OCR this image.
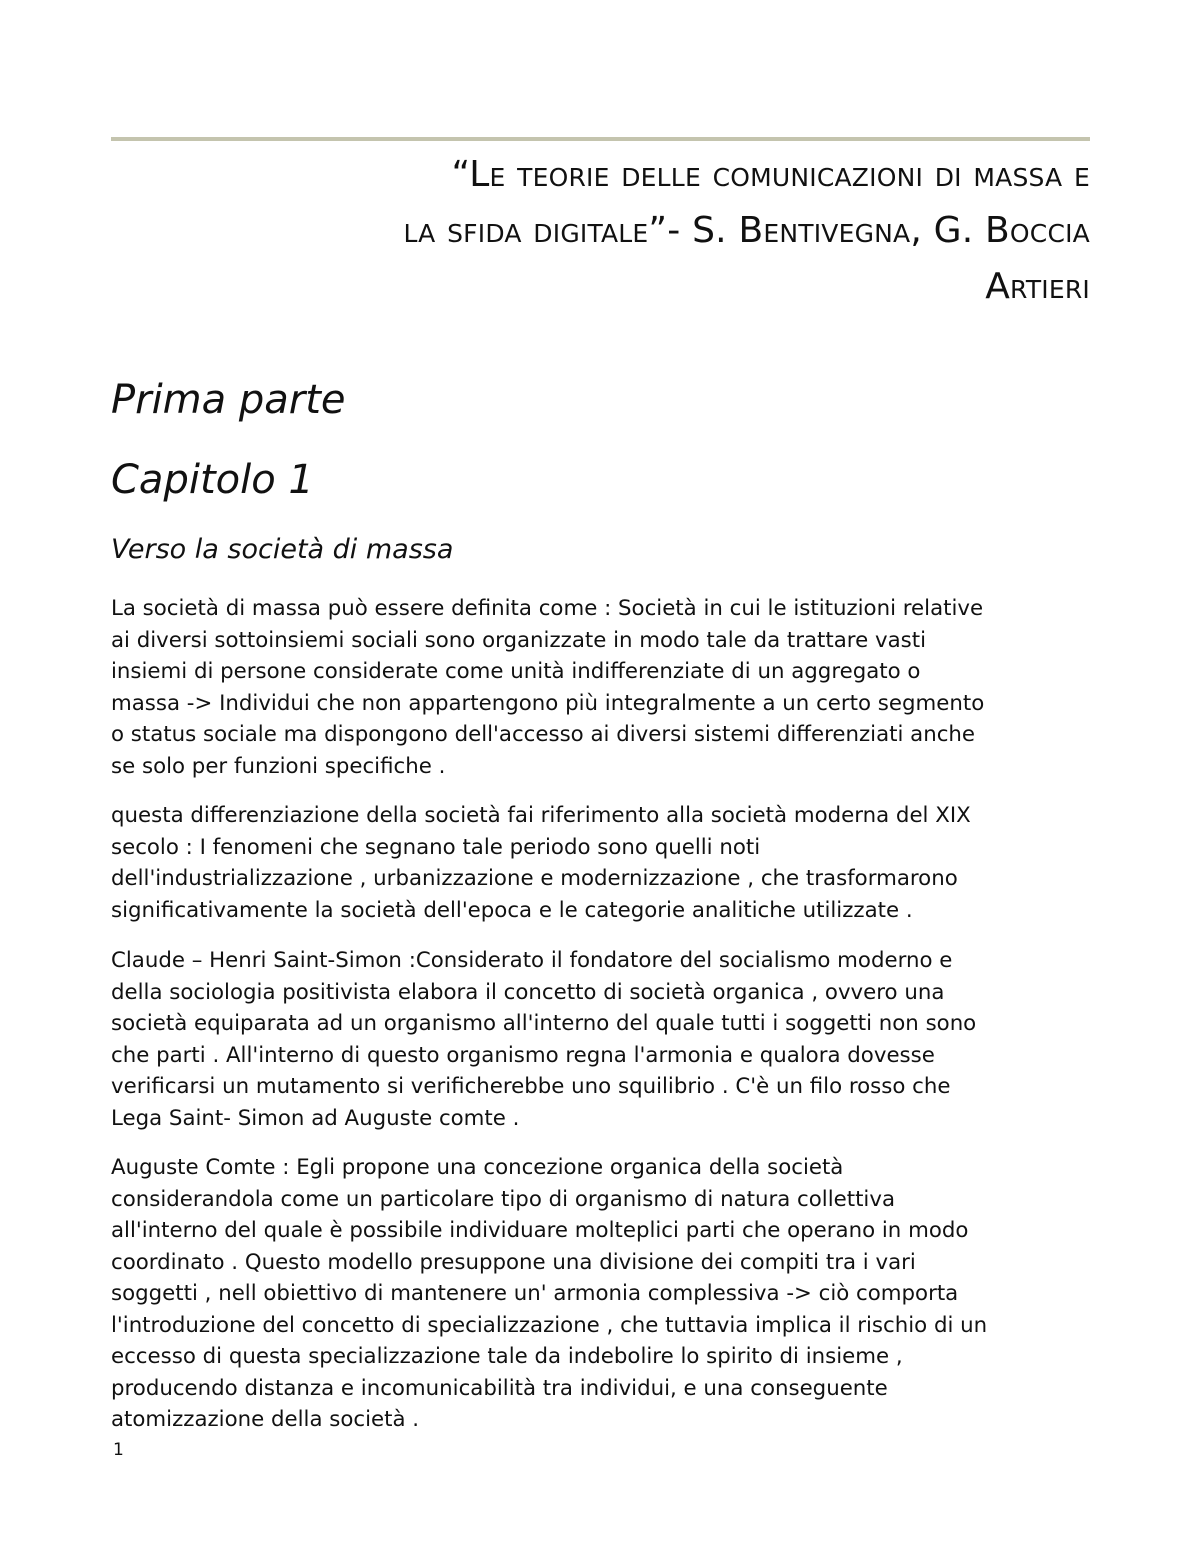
“Le teorie delle comunicazioni di massa e
la sfida digitale”- S. Bentivegna, G. Boccia
Artieri
Prima parte
Capitolo 1
Verso la società di massa

La società di massa può essere definita come : Società in cui le istituzioni relative
ai diversi sottoinsiemi sociali sono organizzate in modo tale da trattare vasti
insiemi di persone considerate come unità indifferenziate di un aggregato o
massa -> Individui che non appartengono più integralmente a un certo segmento
o status sociale ma dispongono dell'accesso ai diversi sistemi differenziati anche
se solo per funzioni specifiche .

questa differenziazione della società fai riferimento alla società moderna del XIX
secolo : I fenomeni che segnano tale periodo sono quelli noti
dell'industrializzazione , urbanizzazione e modernizzazione , che trasformarono
significativamente la società dell'epoca e le categorie analitiche utilizzate .

Claude – Henri Saint-Simon :Considerato il fondatore del socialismo moderno e
della sociologia positivista elabora il concetto di società organica , ovvero una
società equiparata ad un organismo all'interno del quale tutti i soggetti non sono
che parti . All'interno di questo organismo regna l'armonia e qualora dovesse
verificarsi un mutamento si verificherebbe uno squilibrio . C'è un filo rosso che
Lega Saint- Simon ad Auguste comte .

Auguste Comte : Egli propone una concezione organica della società
considerandola come un particolare tipo di organismo di natura collettiva
all'interno del quale è possibile individuare molteplici parti che operano in modo
coordinato . Questo modello presuppone una divisione dei compiti tra i vari
soggetti , nell obiettivo di mantenere un' armonia complessiva -> ciò comporta
l'introduzione del concetto di specializzazione , che tuttavia implica il rischio di un
eccesso di questa specializzazione tale da indebolire lo spirito di insieme ,
producendo distanza e incomunicabilità tra individui, e una conseguente
atomizzazione della società .

1
